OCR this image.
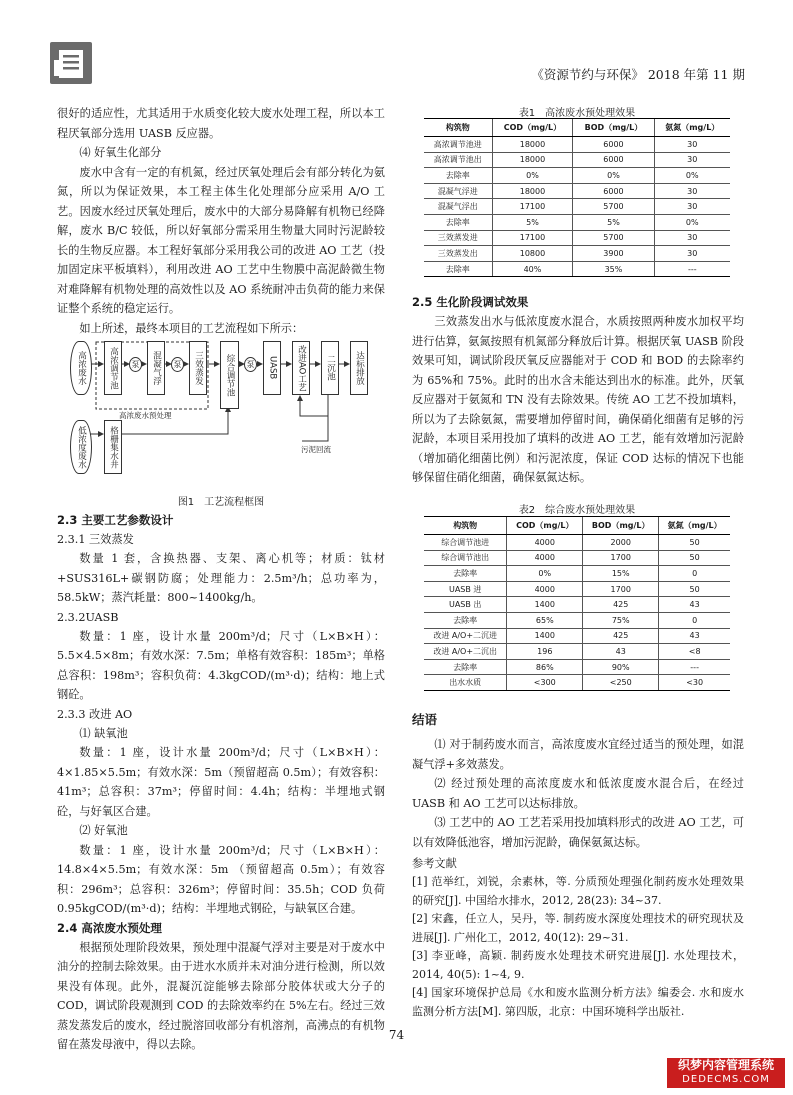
《资源节约与环保》 2018 年第 11 期

很好的适应性，尤其适用于水质变化较大废水处理工程，所以本工程厌氧部分选用 UASB 反应器。

⑷ 好氧生化部分

废水中含有一定的有机氮，经过厌氧处理后会有部分转化为氨氮，所以为保证效果，本工程主体生化处理部分应采用 A/O 工艺。因废水经过厌氧处理后，废水中的大部分易降解有机物已经降解，废水 B/C 较低，所以好氧部分需采用生物量大同时污泥龄较长的生物反应器。本工程好氧部分采用我公司的改进 AO 工艺（投加固定床平板填料），利用改进 AO 工艺中生物膜中高泥龄微生物对难降解有机物处理的高效性以及 AO 系统耐冲击负荷的能力来保证整个系统的稳定运行。

如上所述，最终本项目的工艺流程如下所示：

高浓废水	高浓调节池	泵	混凝气浮	泵	三效蒸发	综合调节池	泵	UASB	改进AO工艺	二沉池	达标排放
高浓废水预处理
低浓度废水	格栅集水井	污泥回流

图1　工艺流程框图

2.3 主要工艺参数设计

2.3.1 三效蒸发

数量 1 套，含换热器、支架、离心机等；材质：钛材+SUS316L+碳钢防腐；处理能力：2.5m³/h；总功率为，58.5kW；蒸汽耗量：800~1400kg/h。

2.3.2UASB

数量：1 座，设计水量 200m³/d；尺寸（L×B×H）：5.5×4.5×8m；有效水深：7.5m；单格有效容积：185m³；单格总容积：198m³；容积负荷：4.3kgCOD/(m³·d)；结构：地上式钢砼。

2.3.3 改进 AO

⑴ 缺氧池

数量：1 座，设计水量 200m³/d；尺寸（L×B×H）：4×1.85×5.5m；有效水深：5m（预留超高 0.5m）；有效容积：41m³；总容积：37m³；停留时间：4.4h；结构：半埋地式钢砼，与好氧区合建。

⑵ 好氧池

数量：1 座，设计水量 200m³/d；尺寸（L×B×H）：14.8×4×5.5m；有效水深：5m （预留超高 0.5m）；有效容积：296m³；总容积：326m³；停留时间：35.5h；COD 负荷 0.95kgCOD/(m³·d)；结构：半埋地式钢砼，与缺氧区合建。

2.4 高浓废水预处理

根据预处理阶段效果，预处理中混凝气浮对主要是对于废水中油分的控制去除效果。由于进水水质并未对油分进行检测，所以效果没有体现。此外，混凝沉淀能够去除部分胶体状或大分子的 COD，调试阶段观测到 COD 的去除效率约在 5%左右。经过三效蒸发蒸发后的废水，经过脱溶回收部分有机溶剂，高沸点的有机物留在蒸发母液中，得以去除。

表1　高浓废水预处理效果

构筑物	COD（mg/L）	BOD（mg/L）	氨氮（mg/L）
高浓调节池进	18000	6000	30
高浓调节池出	18000	6000	30
去除率	0%	0%	0%
混凝气浮进	18000	6000	30
混凝气浮出	17100	5700	30
去除率	5%	5%	0%
三效蒸发进	17100	5700	30
三效蒸发出	10800	3900	30
去除率	40%	35%	---

2.5 生化阶段调试效果

三效蒸发出水与低浓度废水混合，水质按照两种废水加权平均进行估算，氨氮按照有机氮部分释放后计算。根据厌氧 UASB 阶段效果可知，调试阶段厌氧反应器能对于 COD 和 BOD 的去除率约为 65%和 75%。此时的出水含未能达到出水的标准。此外，厌氧反应器对于氨氮和 TN 没有去除效果。传统 AO 工艺不投加填料，所以为了去除氨氮，需要增加停留时间，确保硝化细菌有足够的污泥龄，本项目采用投加了填料的改进 AO 工艺，能有效增加污泥龄（增加硝化细菌比例）和污泥浓度，保证 COD 达标的情况下也能够保留住硝化细菌，确保氨氮达标。

表2　综合废水预处理效果

构筑物	COD（mg/L）	BOD（mg/L）	氨氮（mg/L）
综合调节池进	4000	2000	50
综合调节池出	4000	1700	50
去除率	0%	15%	0
UASB 进	4000	1700	50
UASB 出	1400	425	43
去除率	65%	75%	0
改进 A/O+二沉进	1400	425	43
改进 A/O+二沉出	196	43	<8
去除率	86%	90%	---
出水水质	<300	<250	<30

结语

⑴ 对于制药废水而言，高浓度废水宜经过适当的预处理，如混凝气浮+多效蒸发。

⑵ 经过预处理的高浓度废水和低浓度废水混合后，在经过 UASB 和 AO 工艺可以达标排放。

⑶ 工艺中的 AO 工艺若采用投加填料形式的改进 AO 工艺，可以有效降低池容，增加污泥龄，确保氨氮达标。

参考文献

[1] 范举红，刘锐，余素林，等. 分质预处理强化制药废水处理效果的研究[J]. 中国给水排水，2012, 28(23): 34~37.

[2] 宋鑫，任立人，吴丹，等. 制药废水深度处理技术的研究现状及进展[J]. 广州化工，2012, 40(12): 29~31.

[3] 李亚峰，高颖. 制药废水处理技术研究进展[J]. 水处理技术，2014, 40(5): 1~4, 9.

[4] 国家环境保护总局《水和废水监测分析方法》编委会. 水和废水监测分析方法[M]. 第四版，北京：中国环境科学出版社.

74
织梦内容管理系统
DEDECMS.COM
